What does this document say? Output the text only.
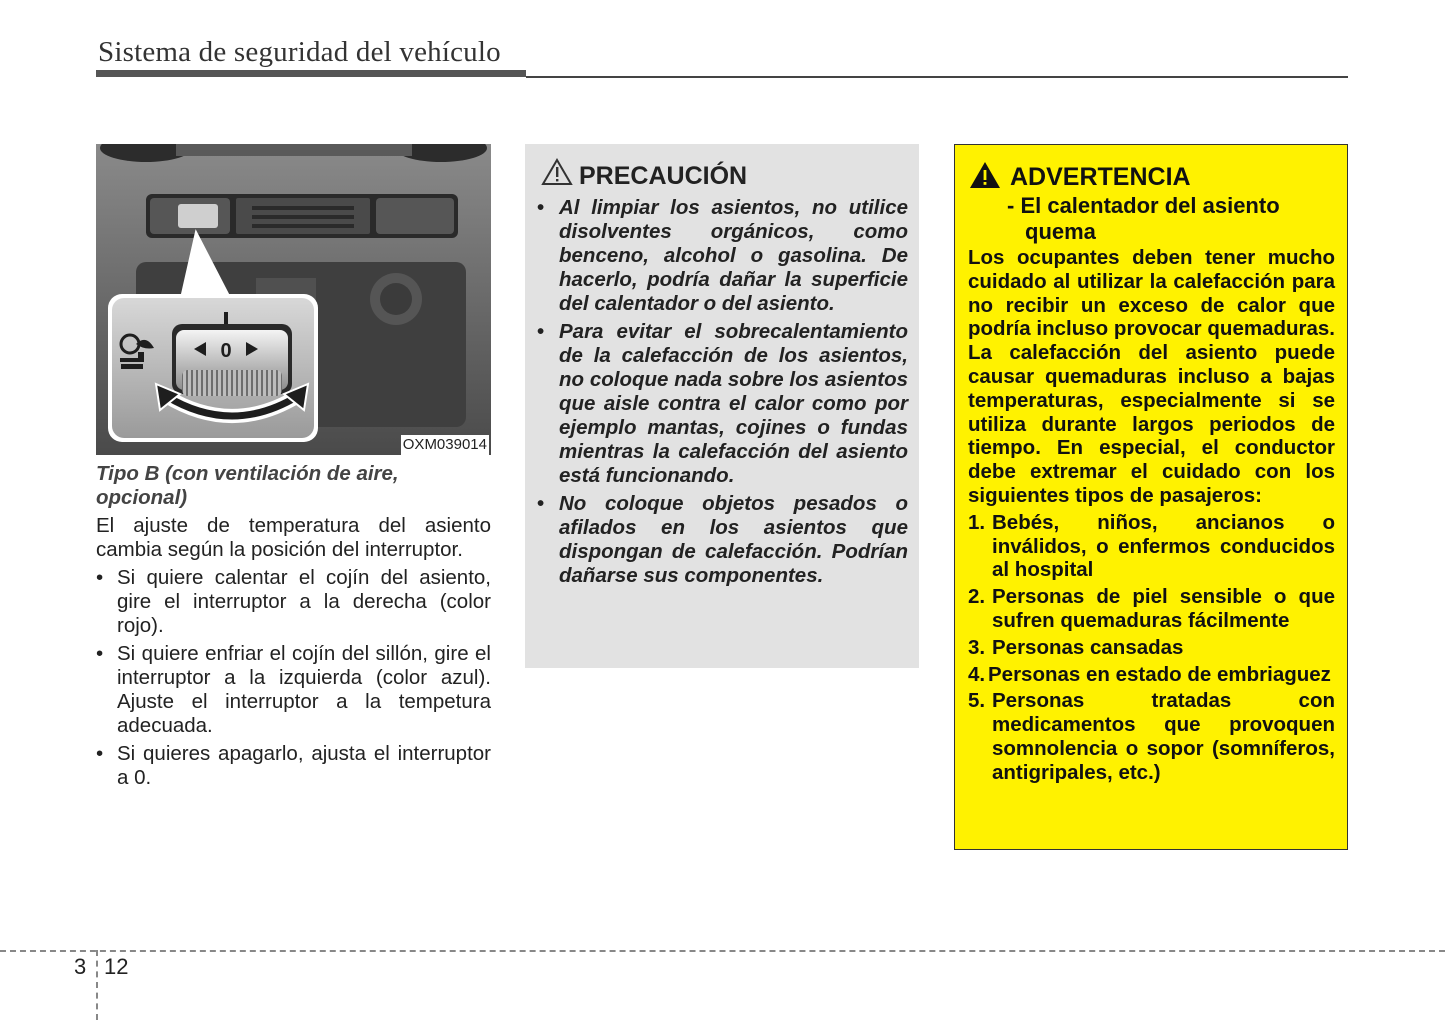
Sistema de seguridad del vehículo
0
OXM039014
Tipo B (con ventilación de aire, opcional)

El ajuste de temperatura del asiento cambia según la posición del interruptor.

• Si quiere calentar el cojín del asiento, gire el interruptor a la derecha (color rojo).
• Si quiere enfriar el cojín del sillón, gire el interruptor a la izquierda (color azul). Ajuste el interruptor a la tempetura adecuada.
• Si quieres apagarlo, ajusta el interruptor a 0.
PRECAUCIÓN
• Al limpiar los asientos, no utilice disolventes orgánicos, como benceno, alcohol o gasolina. De hacerlo, podría dañar la superficie del calentador o del asiento.
• Para evitar el sobrecalentamiento de la calefacción de los asientos, no coloque nada sobre los asientos que aisle contra el calor como por ejemplo mantas, cojines o fundas mientras la calefacción del asiento está funcionando.
• No coloque objetos pesados o afilados en los asientos que dispongan de calefacción. Podrían dañarse sus componentes.
ADVERTENCIA
- El calentador del asiento
quema

Los ocupantes deben tener mucho cuidado al utilizar la calefacción para no recibir un exceso de calor que podría incluso provocar quemaduras. La calefacción del asiento puede causar quemaduras incluso a bajas temperaturas, especialmente si se utiliza durante largos periodos de tiempo. En especial, el conductor debe extremar el cuidado con los siguientes tipos de pasajeros:

1. Bebés, niños, ancianos o inválidos, o enfermos conducidos al hospital
2. Personas de piel sensible o que sufren quemaduras fácilmente
3. Personas cansadas
4. Personas en estado de embriaguez
5. Personas tratadas con medicamentos que provoquen somnolencia o sopor (somníferos, antigripales, etc.)
3 12
